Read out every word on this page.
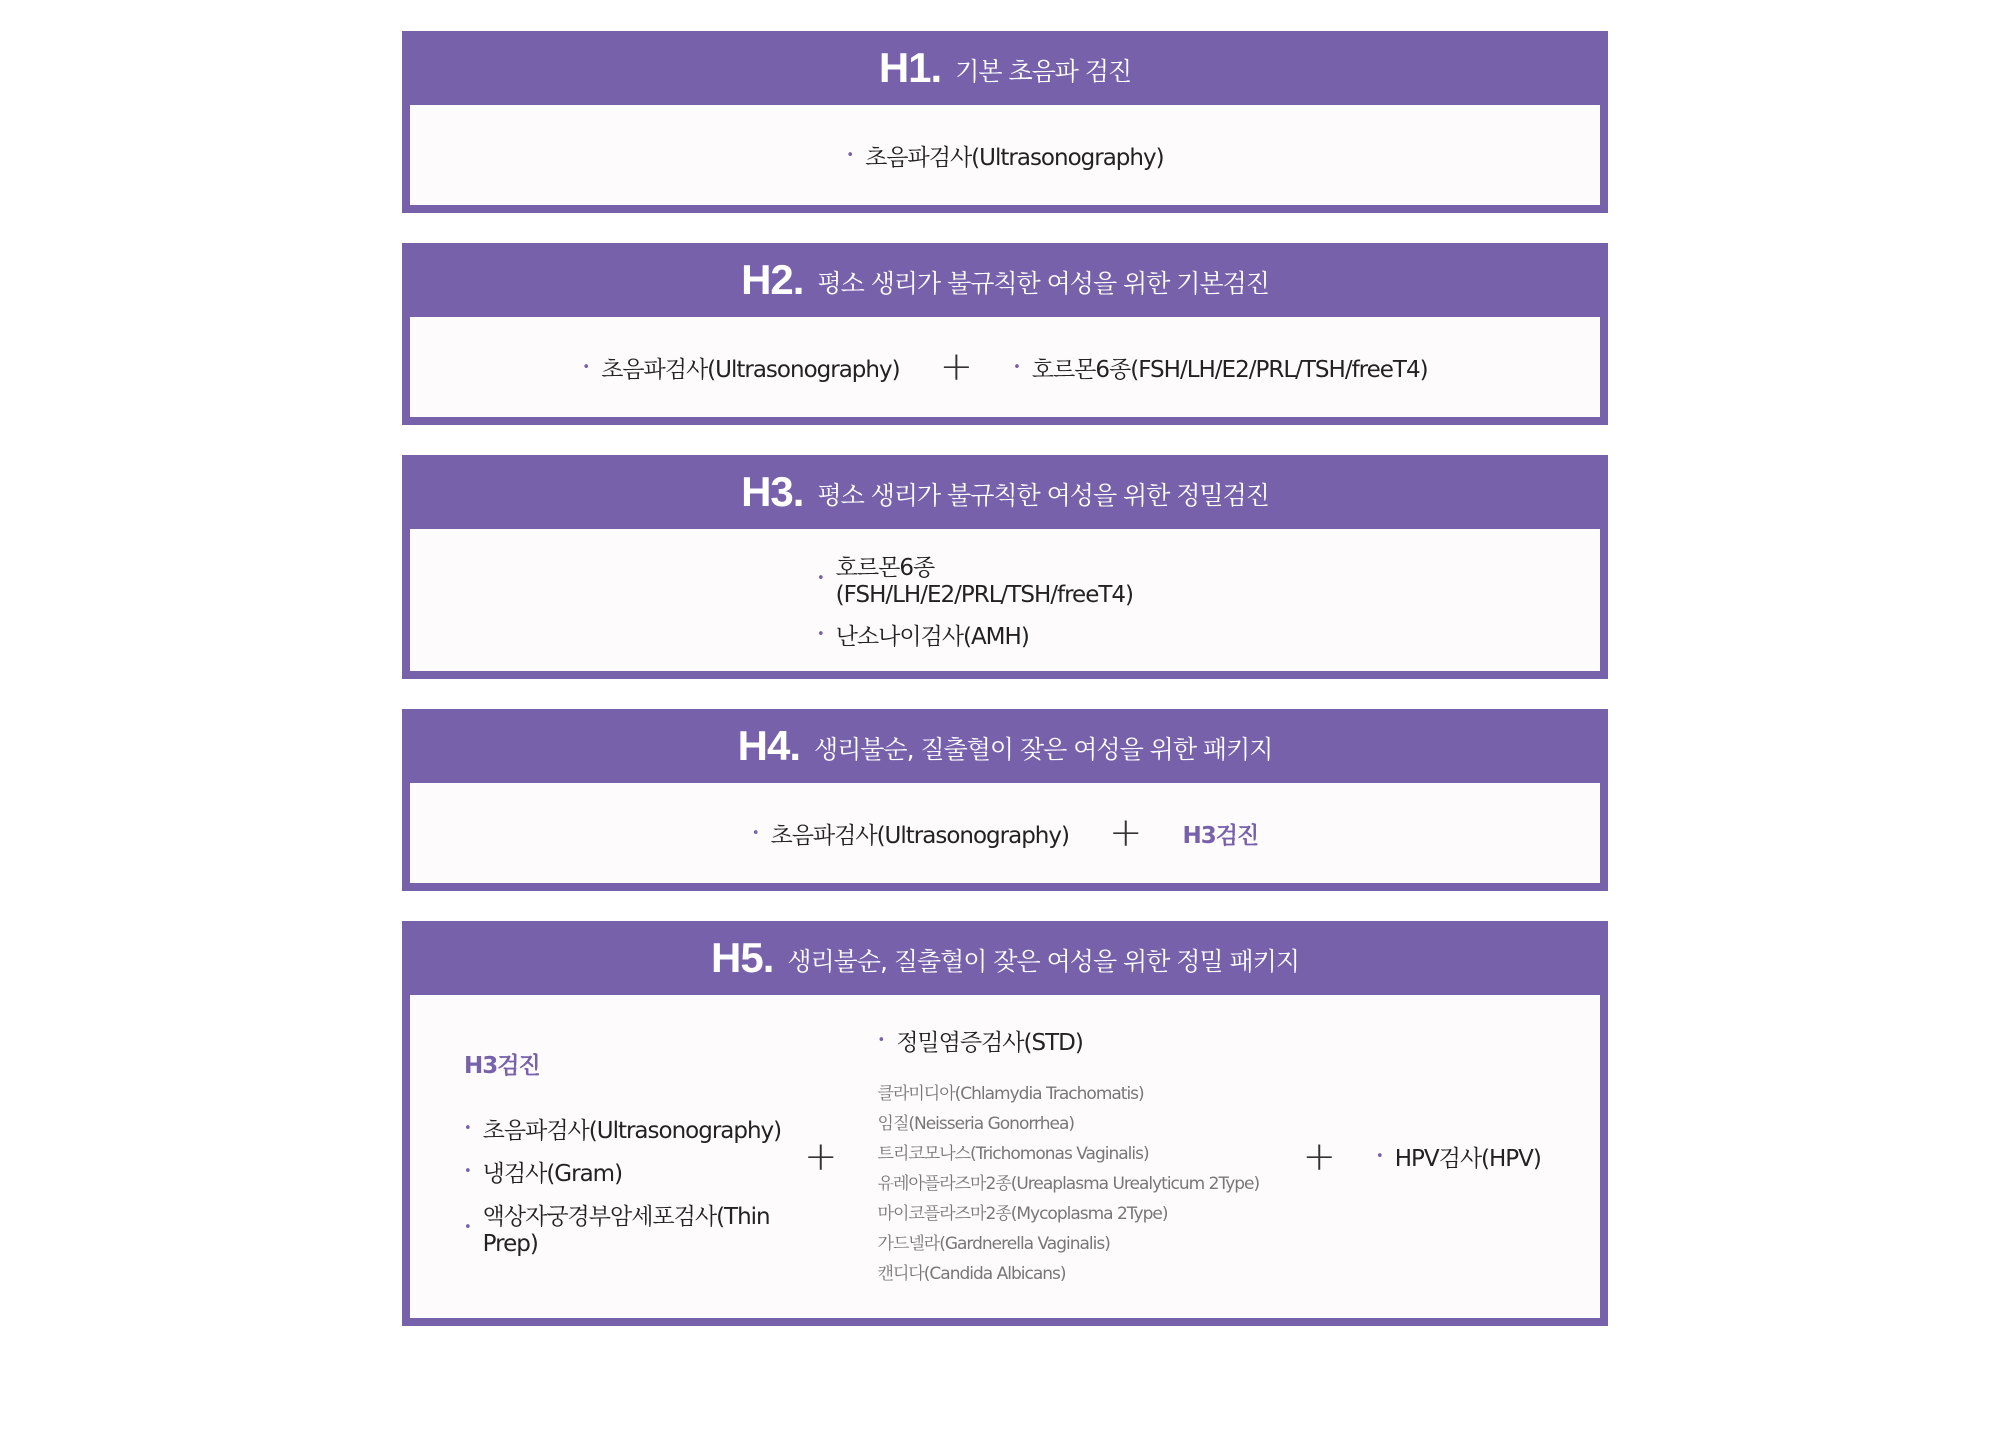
H1. 기본 초음파 검진
• 초음파검사(Ultrasonography)
H2. 평소 생리가 불규칙한 여성을 위한 기본검진
• 초음파검사(Ultrasonography) +	• 호르몬6종(FSH/LH/E2/PRL/TSH/freeT4)
H3. 평소 생리가 불규칙한 여성을 위한 정밀검진
• 호르몬6종(FSH/LH/E2/PRL/TSH/freeT4)
• 난소나이검사(AMH)
H4. 생리불순, 질출혈이 잦은 여성을 위한 패키지
• 초음파검사(Ultrasonography) + H3검진
H5. 생리불순, 질출혈이 잦은 여성을 위한 정밀 패키지
H3검진
• 초음파검사(Ultrasonography)
• 냉검사(Gram)
• 액상자궁경부암세포검사(Thin Prep)
+
• 정밀염증검사(STD)
클라미디아(Chlamydia Trachomatis)
임질(Neisseria Gonorrhea)
트리코모나스(Trichomonas Vaginalis)
유레아플라즈마2종(Ureaplasma Urealyticum 2Type)
마이코플라즈마2종(Mycoplasma 2Type)
가드넬라(Gardnerella Vaginalis)
캔디다(Candida Albicans)
+	• HPV검사(HPV)
